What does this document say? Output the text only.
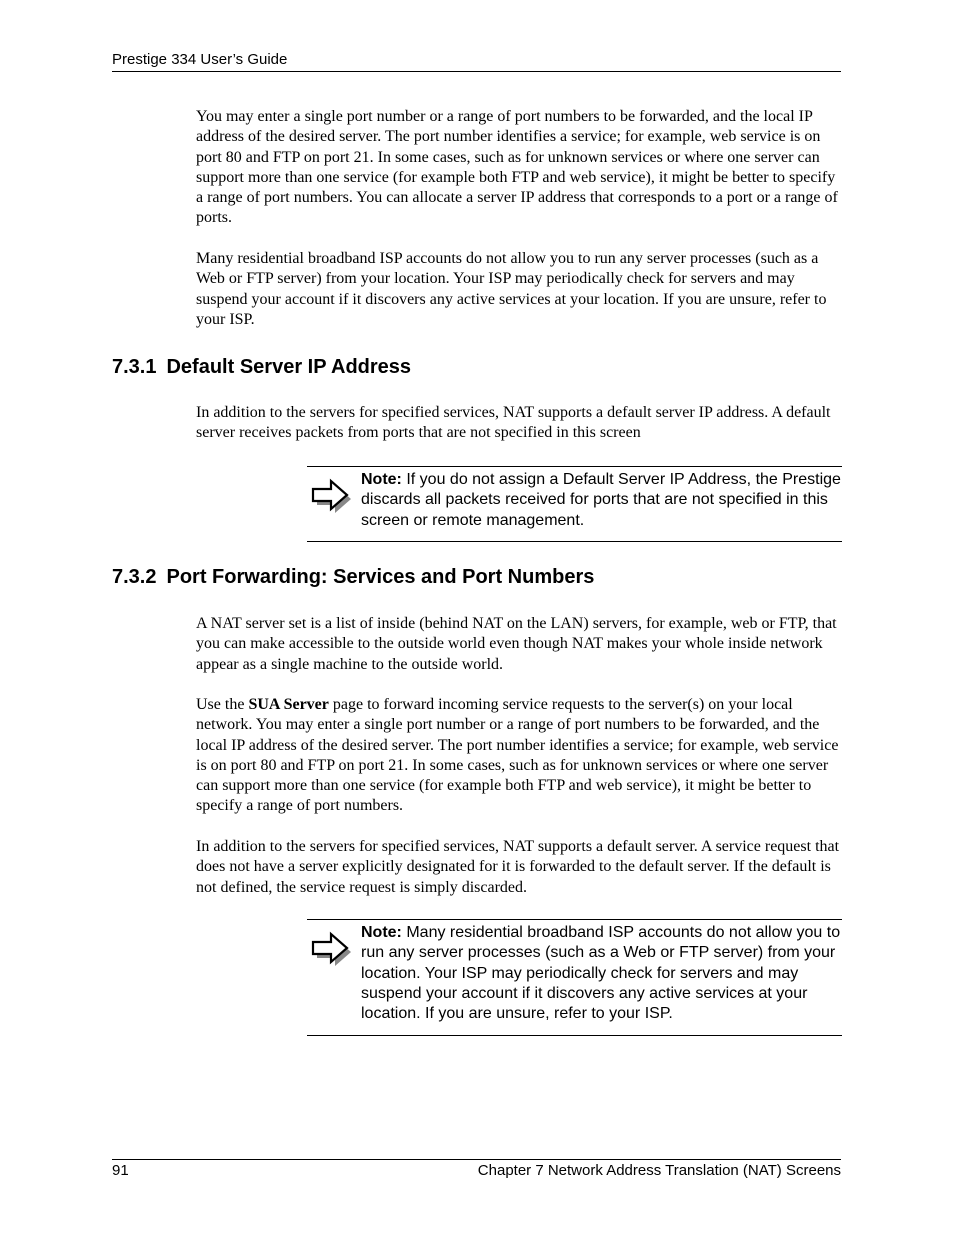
Prestige 334 User’s Guide

You may enter a single port number or a range of port numbers to be forwarded, and the local IP address of the desired server. The port number identifies a service; for example, web service is on port 80 and FTP on port 21. In some cases, such as for unknown services or where one server can support more than one service (for example both FTP and web service), it might be better to specify a range of port numbers. You can allocate a server IP address that corresponds to a port or a range of ports.

Many residential broadband ISP accounts do not allow you to run any server processes (such as a Web or FTP server) from your location. Your ISP may periodically check for servers and may suspend your account if it discovers any active services at your location. If you are unsure, refer to your ISP.

7.3.1 Default Server IP Address

In addition to the servers for specified services, NAT supports a default server IP address. A default server receives packets from ports that are not specified in this screen

Note: If you do not assign a Default Server IP Address, the Prestige discards all packets received for ports that are not specified in this screen or remote management.

7.3.2 Port Forwarding: Services and Port Numbers

A NAT server set is a list of inside (behind NAT on the LAN) servers, for example, web or FTP, that you can make accessible to the outside world even though NAT makes your whole inside network appear as a single machine to the outside world.

Use the SUA Server page to forward incoming service requests to the server(s) on your local network. You may enter a single port number or a range of port numbers to be forwarded, and the local IP address of the desired server. The port number identifies a service; for example, web service is on port 80 and FTP on port 21. In some cases, such as for unknown services or where one server can support more than one service (for example both FTP and web service), it might be better to specify a range of port numbers.

In addition to the servers for specified services, NAT supports a default server. A service request that does not have a server explicitly designated for it is forwarded to the default server. If the default is not defined, the service request is simply discarded.

Note: Many residential broadband ISP accounts do not allow you to run any server processes (such as a Web or FTP server) from your location. Your ISP may periodically check for servers and may suspend your account if it discovers any active services at your location. If you are unsure, refer to your ISP.

91	Chapter 7 Network Address Translation (NAT) Screens
